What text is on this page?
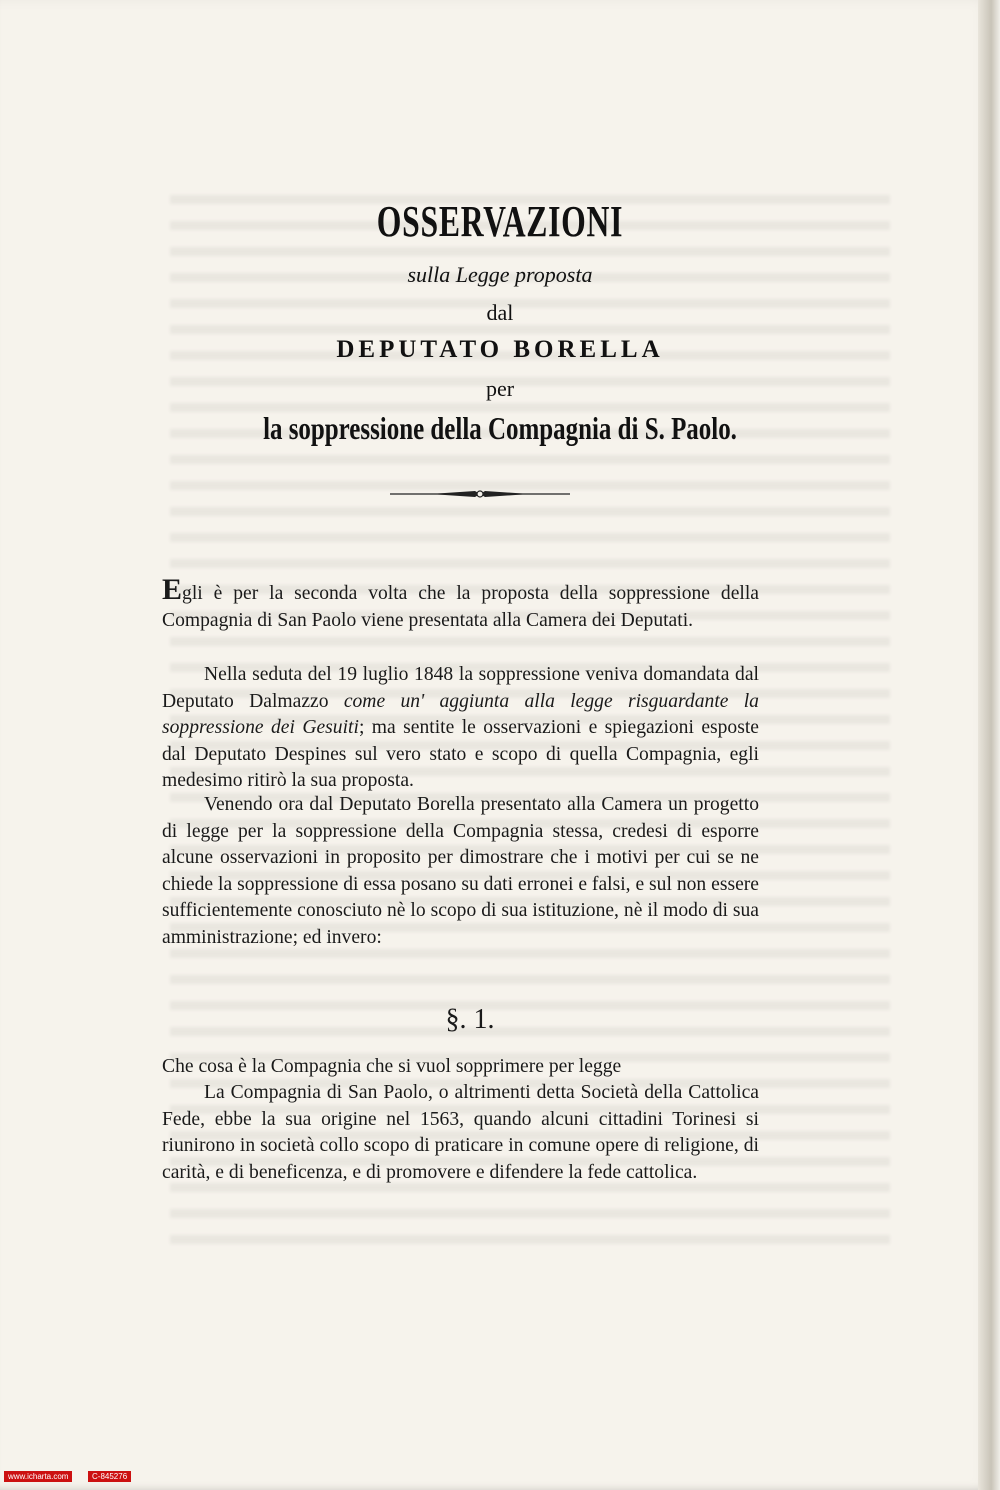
OSSERVAZIONI
sulla Legge proposta
dal
DEPUTATO BORELLA
per
la soppressione della Compagnia di S. Paolo.
Egli è per la seconda volta che la proposta della soppressione della Compagnia di San Paolo viene presentata alla Camera dei Deputati.
Nella seduta del 19 luglio 1848 la soppressione veniva domandata dal Deputato Dalmazzo come un' aggiunta alla legge risguardante la soppressione dei Gesuiti; ma sentite le osservazioni e spiegazioni esposte dal Deputato Despines sul vero stato e scopo di quella Compagnia, egli medesimo ritirò la sua proposta.
Venendo ora dal Deputato Borella presentato alla Camera un progetto di legge per la soppressione della Compagnia stessa, credesi di esporre alcune osservazioni in proposito per dimostrare che i motivi per cui se ne chiede la soppressione di essa posano su dati erronei e falsi, e sul non essere sufficientemente conosciuto nè lo scopo di sua istituzione, nè il modo di sua amministrazione; ed invero:
§. 1.
Che cosa è la Compagnia che si vuol sopprimere per legge
La Compagnia di San Paolo, o altrimenti detta Società della Cattolica Fede, ebbe la sua origine nel 1563, quando alcuni cittadini Torinesi si riunirono in società collo scopo di praticare in comune opere di religione, di carità, e di beneficenza, e di promovere e difendere la fede cattolica.
www.icharta.com	C-845276
